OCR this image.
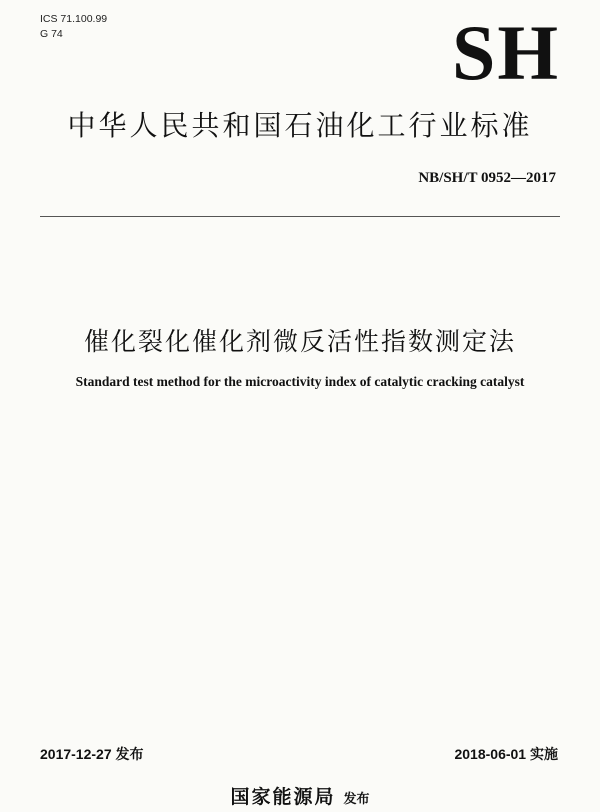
ICS 71.100.99
G 74	SH
中华人民共和国石油化工行业标准
NB/SH/T 0952—2017
催化裂化催化剂微反活性指数测定法
Standard test method for the microactivity index of catalytic cracking catalyst
2017-12-27 发布	2018-06-01 实施
国家能源局 发布
